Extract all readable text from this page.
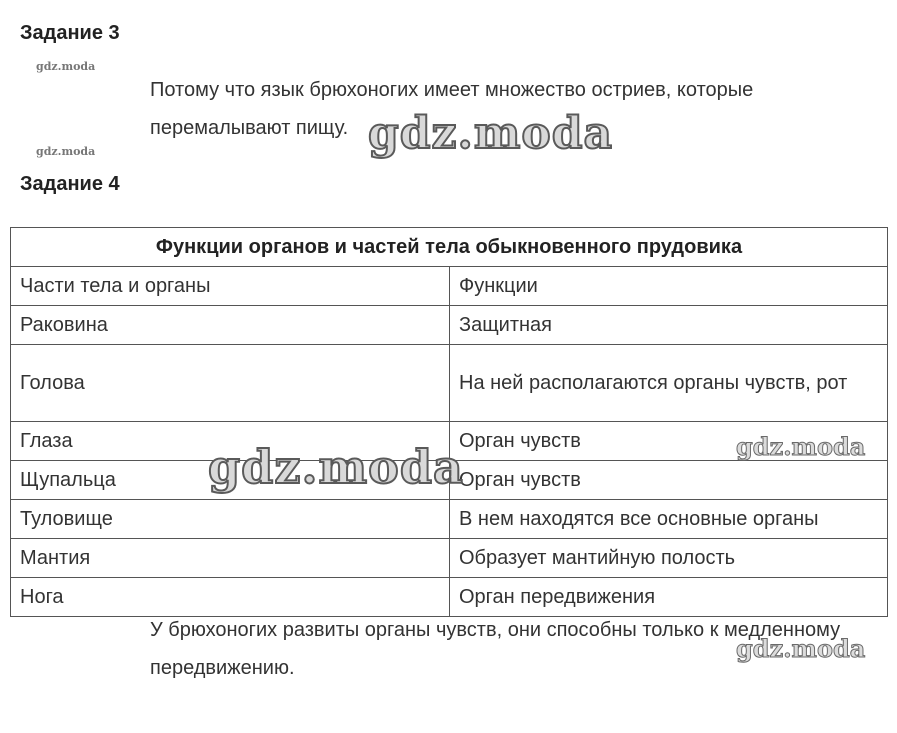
Задание 3
gdz.moda
Потому что язык брюхоногих имеет множество остриев, которые перемалывают пищу. gdz.moda
gdz.moda
Задание 4
Функции органов и частей тела обыкновенного прудовика	
Части тела и органы	Функции
Раковина	Защитная
Голова	На ней располагаются органы чувств, рот
Глаза	Орган чувств
Щупальца	Орган чувств
Туловище	В нем находятся все основные органы
Мантия	Образует мантийную полость
Нога	Орган передвижения
gdz.moda	gdz.moda
У брюхоногих развиты органы чувств, они способны только к медленному передвижению.
gdz.moda
